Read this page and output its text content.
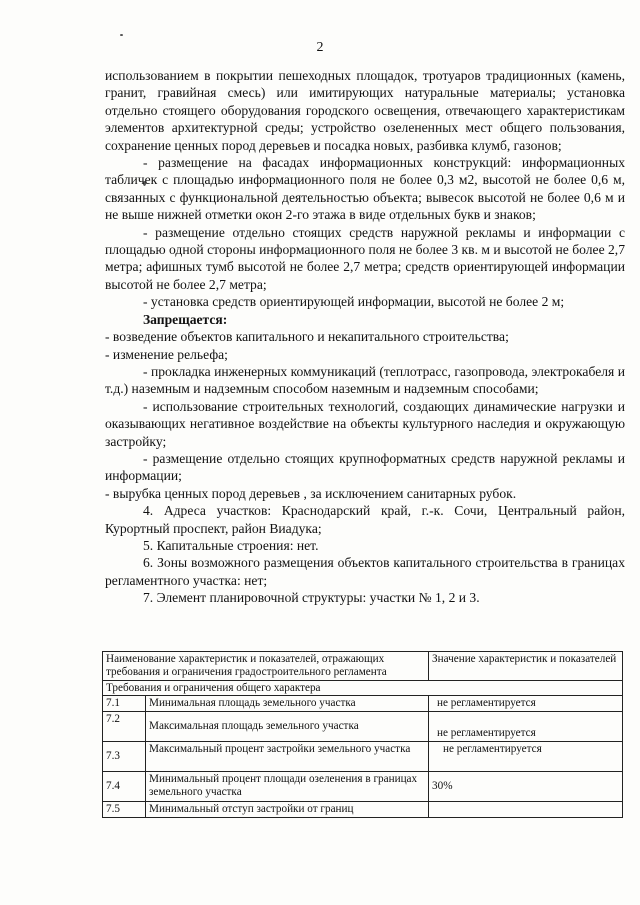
2

использованием в покрытии пешеходных площадок, тротуаров традиционных (камень, гранит, гравийная смесь) или имитирующих натуральные материалы; установка отдельно стоящего оборудования городского освещения, отвечающего характеристикам элементов архитектурной среды; устройство озелененных мест общего пользования, сохранение ценных пород деревьев и посадка новых, разбивка клумб, газонов;

- размещение на фасадах информационных конструкций: информационных табличек с площадью информационного поля не более 0,3 м2, высотой не более 0,6 м, связанных с функциональной деятельностью объекта; вывесок высотой не более 0,6 м и не выше нижней отметки окон 2-го этажа в виде отдельных букв и знаков;

- размещение отдельно стоящих средств наружной рекламы и информации с площадью одной стороны информационного поля не более 3 кв. м и высотой не более 2,7 метра; афишных тумб высотой не более 2,7 метра; средств ориентирующей информации высотой не более 2,7 метра;

- установка средств ориентирующей информации, высотой не более 2 м;

Запрещается:

- возведение объектов капитального и некапитального строительства;

- изменение рельефа;

- прокладка инженерных коммуникаций (теплотрасс, газопровода, электрокабеля и т.д.) наземным и надземным способом наземным и надземным способами;

- использование строительных технологий, создающих динамические нагрузки и оказывающих негативное воздействие на объекты культурного наследия и окружающую застройку;

- размещение отдельно стоящих крупноформатных средств наружной рекламы и информации;

- вырубка ценных пород деревьев , за исключением санитарных рубок.

4. Адреса участков: Краснодарский край, г.-к. Сочи, Центральный район, Курортный проспект, район Виадука;

5. Капитальные строения: нет.

6. Зоны возможного размещения объектов капитального строительства в границах регламентного участка: нет;

7. Элемент планировочной структуры: участки № 1, 2 и 3.

Наименование характеристик и показателей, отражающих требования и ограничения градостроительного регламента		Значение характеристик и показателей
Требования и ограничения общего характера		
7.1	Минимальная площадь земельного участка	не регламентируется
7.2	Максимальная площадь земельного участка	не регламентируется
7.3	Максимальный процент застройки земельного участка	не регламентируется
7.4	Минимальный процент площади озеленения в границах земельного участка	30%
7.5	Минимальный отступ застройки от границ	
